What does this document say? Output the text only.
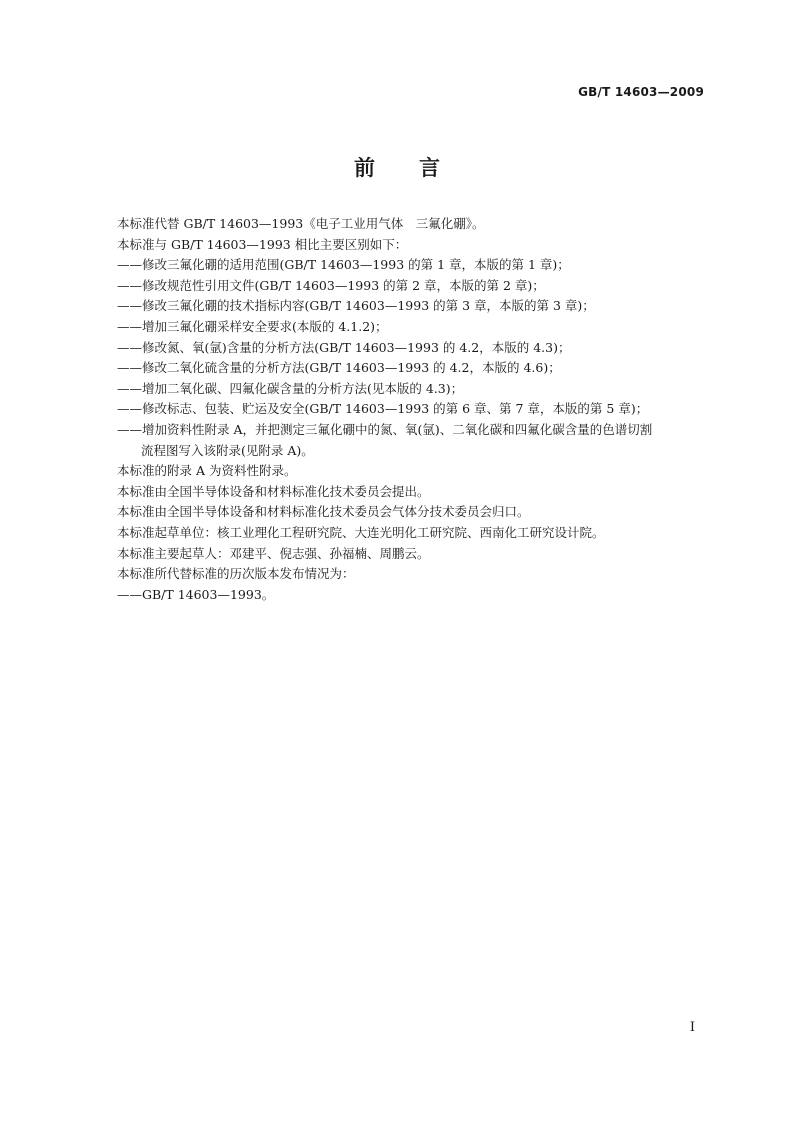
GB/T 14603—2009
前言
本标准代替 GB/T 14603—1993《电子工业用气体　三氟化硼》。
本标准与 GB/T 14603—1993 相比主要区别如下：
——修改三氟化硼的适用范围(GB/T 14603—1993 的第 1 章，本版的第 1 章)；
——修改规范性引用文件(GB/T 14603—1993 的第 2 章，本版的第 2 章)；
——修改三氟化硼的技术指标内容(GB/T 14603—1993 的第 3 章，本版的第 3 章)；
——增加三氟化硼采样安全要求(本版的 4.1.2)；
——修改氮、氧(氩)含量的分析方法(GB/T 14603—1993 的 4.2，本版的 4.3)；
——修改二氧化硫含量的分析方法(GB/T 14603—1993 的 4.2，本版的 4.6)；
——增加二氧化碳、四氟化碳含量的分析方法(见本版的 4.3)；
——修改标志、包装、贮运及安全(GB/T 14603—1993 的第 6 章、第 7 章，本版的第 5 章)；
——增加资料性附录 A，并把测定三氟化硼中的氮、氧(氩)、二氧化碳和四氟化碳含量的色谱切割
流程图写入该附录(见附录 A)。
本标准的附录 A 为资料性附录。
本标准由全国半导体设备和材料标准化技术委员会提出。
本标准由全国半导体设备和材料标准化技术委员会气体分技术委员会归口。
本标准起草单位：核工业理化工程研究院、大连光明化工研究院、西南化工研究设计院。
本标准主要起草人：邓建平、倪志强、孙福楠、周鹏云。
本标准所代替标准的历次版本发布情况为：
——GB/T 14603—1993。
I
